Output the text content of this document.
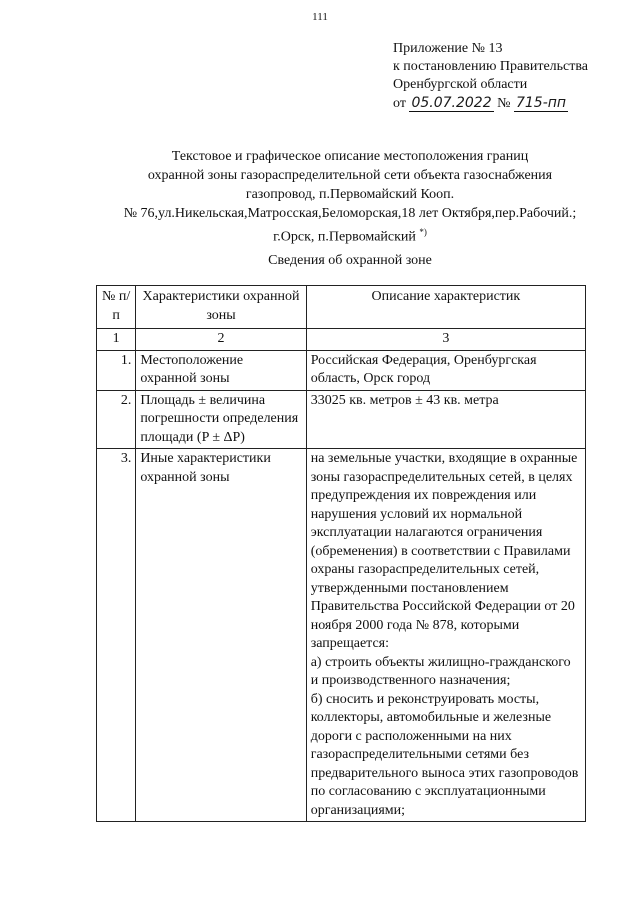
111
Приложение № 13
к постановлению Правительства
Оренбургской области
от 05.07.2022 № 715-пп
Текстовое и графическое описание местоположения границ
охранной зоны газораспределительной сети объекта газоснабжения
газопровод, п.Первомайский Кооп.
№ 76,ул.Никельская,Матросская,Беломорская,18 лет Октября,пер.Рабочий.;
г.Орск, п.Первомайский *)
Сведения об охранной зоне
№ п/п	Характеристики охранной зоны	Описание характеристик
1	2	3
1.	Местоположение охранной зоны	Российская Федерация, Оренбургская область, Орск город
2.	Площадь ± величина погрешности определения площади (P ± ΔP)	33025 кв. метров ± 43 кв. метра
3.	Иные характеристики охранной зоны	на земельные участки, входящие в охранные зоны газораспределительных сетей, в целях предупреждения их повреждения или нарушения условий их нормальной эксплуатации налагаются ограничения (обременения) в соответствии с Правилами охраны газораспределительных сетей, утвержденными постановлением Правительства Российской Федерации от 20 ноября 2000 года № 878, которыми запрещается:
а) строить объекты жилищно-гражданского и производственного назначения;
б) сносить и реконструировать мосты, коллекторы, автомобильные и железные дороги с расположенными на них газораспределительными сетями без предварительного выноса этих газопроводов по согласованию с эксплуатационными организациями;
